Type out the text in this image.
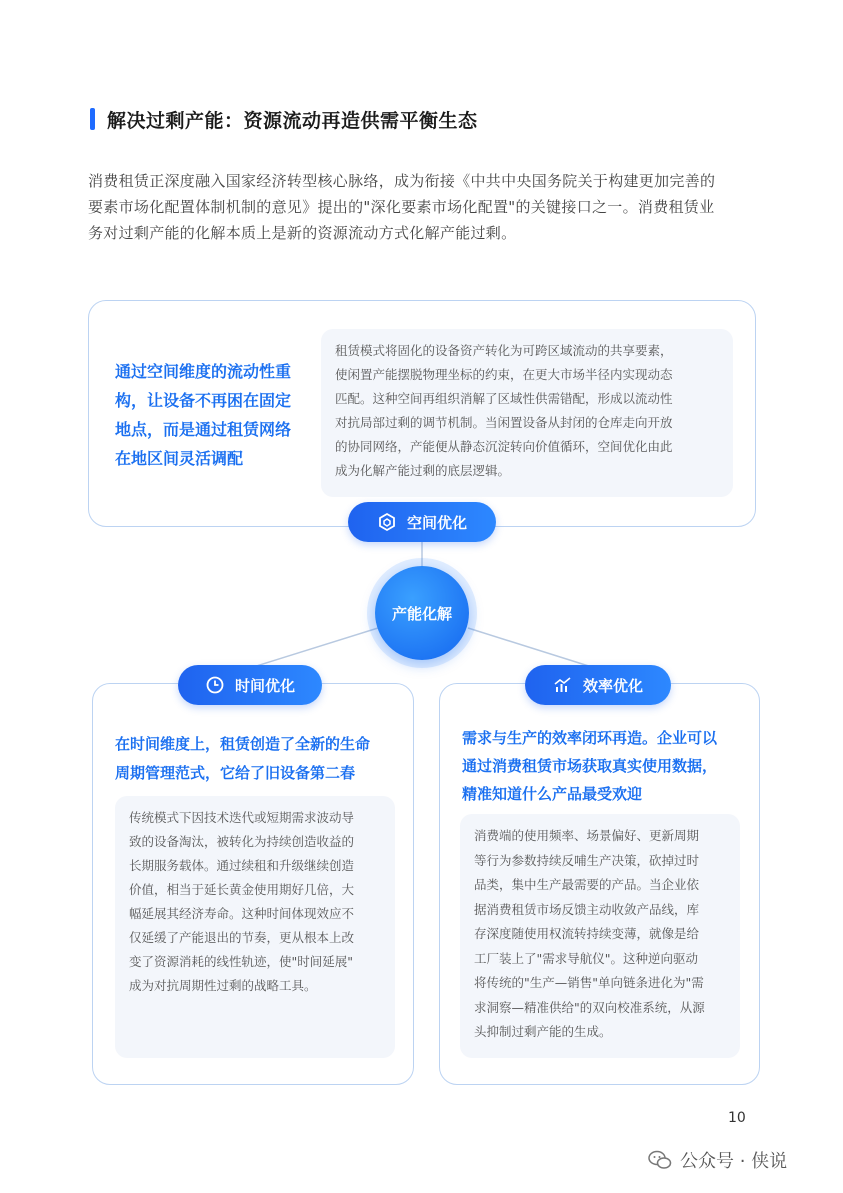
解决过剩产能：资源流动再造供需平衡生态

消费租赁正深度融入国家经济转型核心脉络，成为衔接《中共中央国务院关于构建更加完善的

要素市场化配置体制机制的意见》提出的"深化要素市场化配置"的关键接口之一。消费租赁业

务对过剩产能的化解本质上是新的资源流动方式化解产能过剩。

通过空间维度的流动性重
构，让设备不再困在固定
地点，而是通过租赁网络
在地区间灵活调配
租赁模式将固化的设备资产转化为可跨区域流动的共享要素，
使闲置产能摆脱物理坐标的约束，在更大市场半径内实现动态
匹配。这种空间再组织消解了区域性供需错配，形成以流动性
对抗局部过剩的调节机制。当闲置设备从封闭的仓库走向开放
的协同网络，产能便从静态沉淀转向价值循环，空间优化由此
成为化解产能过剩的底层逻辑。
空间优化
产能化解
在时间维度上，租赁创造了全新的生命
周期管理范式，它给了旧设备第二春
传统模式下因技术迭代或短期需求波动导
致的设备淘汰，被转化为持续创造收益的
长期服务载体。通过续租和升级继续创造
价值，相当于延长黄金使用期好几倍，大
幅延展其经济寿命。这种时间体现效应不
仅延缓了产能退出的节奏，更从根本上改
变了资源消耗的线性轨迹，使"时间延展"
成为对抗周期性过剩的战略工具。
时间优化
需求与生产的效率闭环再造。企业可以
通过消费租赁市场获取真实使用数据，
精准知道什么产品最受欢迎
消费端的使用频率、场景偏好、更新周期
等行为参数持续反哺生产决策，砍掉过时
品类，集中生产最需要的产品。当企业依
据消费租赁市场反馈主动收敛产品线，库
存深度随使用权流转持续变薄，就像是给
工厂装上了"需求导航仪"。这种逆向驱动
将传统的"生产—销售"单向链条进化为"需
求洞察—精准供给"的双向校准系统，从源
头抑制过剩产能的生成。
效率优化
10
公众号 · 侠说
